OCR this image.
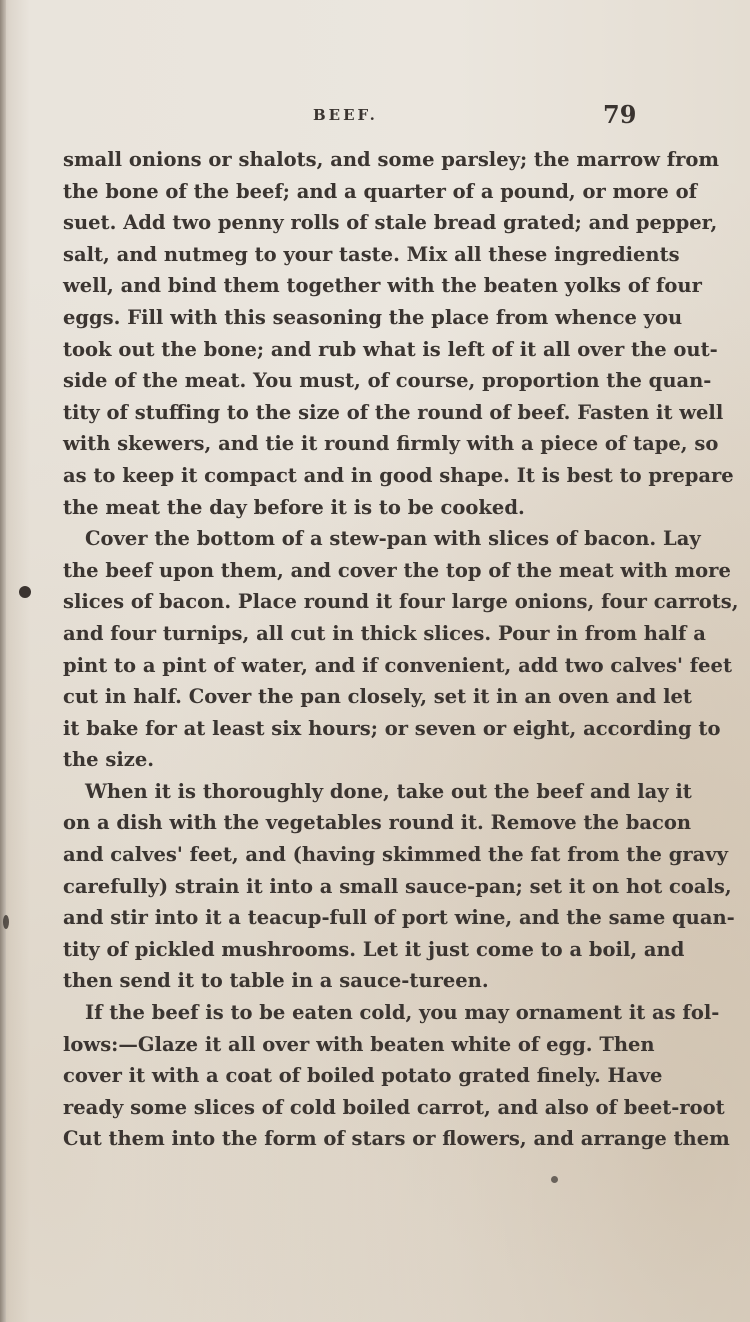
BEEF.	79
small onions or shalots, and some parsley; the marrow from
the bone of the beef; and a quarter of a pound, or more of
suet. Add two penny rolls of stale bread grated; and pepper,
salt, and nutmeg to your taste. Mix all these ingredients
well, and bind them together with the beaten yolks of four
eggs. Fill with this seasoning the place from whence you
took out the bone; and rub what is left of it all over the out-
side of the meat. You must, of course, proportion the quan-
tity of stuffing to the size of the round of beef. Fasten it well
with skewers, and tie it round firmly with a piece of tape, so
as to keep it compact and in good shape. It is best to prepare
the meat the day before it is to be cooked.
Cover the bottom of a stew-pan with slices of bacon. Lay
the beef upon them, and cover the top of the meat with more
slices of bacon. Place round it four large onions, four carrots,
and four turnips, all cut in thick slices. Pour in from half a
pint to a pint of water, and if convenient, add two calves' feet
cut in half. Cover the pan closely, set it in an oven and let
it bake for at least six hours; or seven or eight, according to
the size.
When it is thoroughly done, take out the beef and lay it
on a dish with the vegetables round it. Remove the bacon
and calves' feet, and (having skimmed the fat from the gravy
carefully) strain it into a small sauce-pan; set it on hot coals,
and stir into it a teacup-full of port wine, and the same quan-
tity of pickled mushrooms. Let it just come to a boil, and
then send it to table in a sauce-tureen.
If the beef is to be eaten cold, you may ornament it as fol-
lows:—Glaze it all over with beaten white of egg. Then
cover it with a coat of boiled potato grated finely. Have
ready some slices of cold boiled carrot, and also of beet-root
Cut them into the form of stars or flowers, and arrange them
